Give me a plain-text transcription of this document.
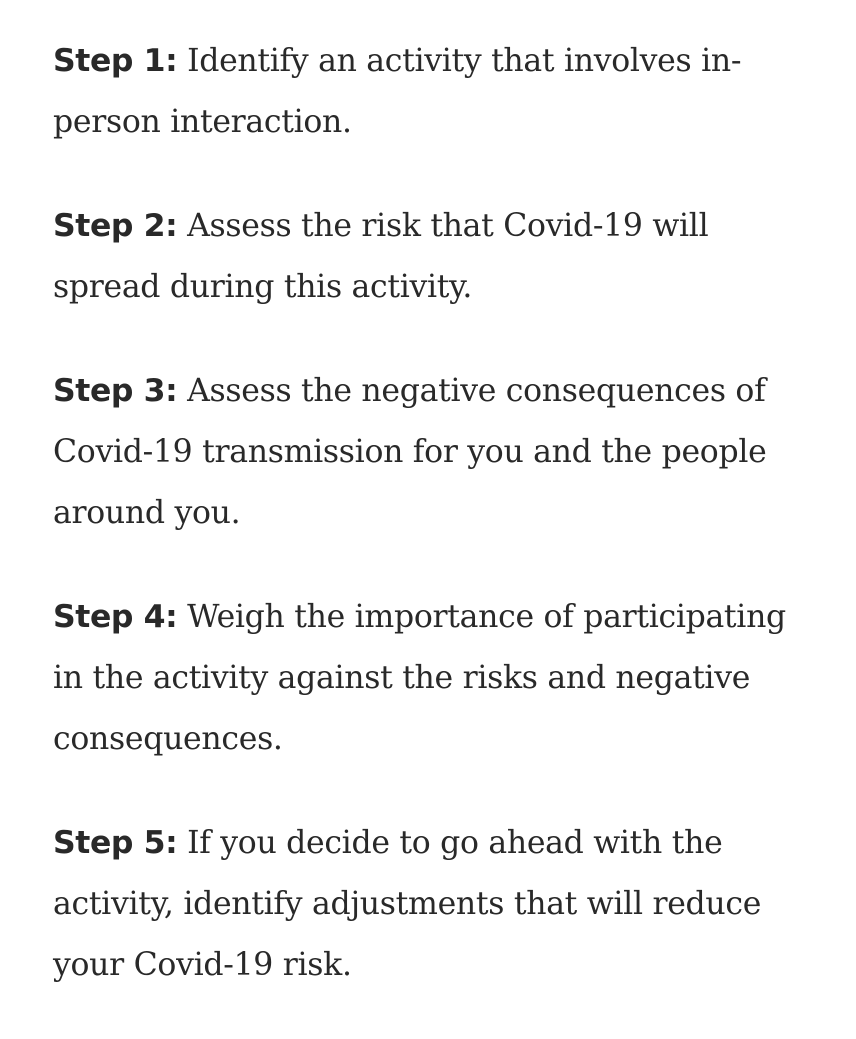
Step 1: Identify an activity that involves in-person interaction.

Step 2: Assess the risk that Covid-19 will spread during this activity.

Step 3: Assess the negative consequences of Covid-19 transmission for you and the people around you.

Step 4: Weigh the importance of participating in the activity against the risks and negative consequences.

Step 5: If you decide to go ahead with the activity, identify adjustments that will reduce your Covid-19 risk.
